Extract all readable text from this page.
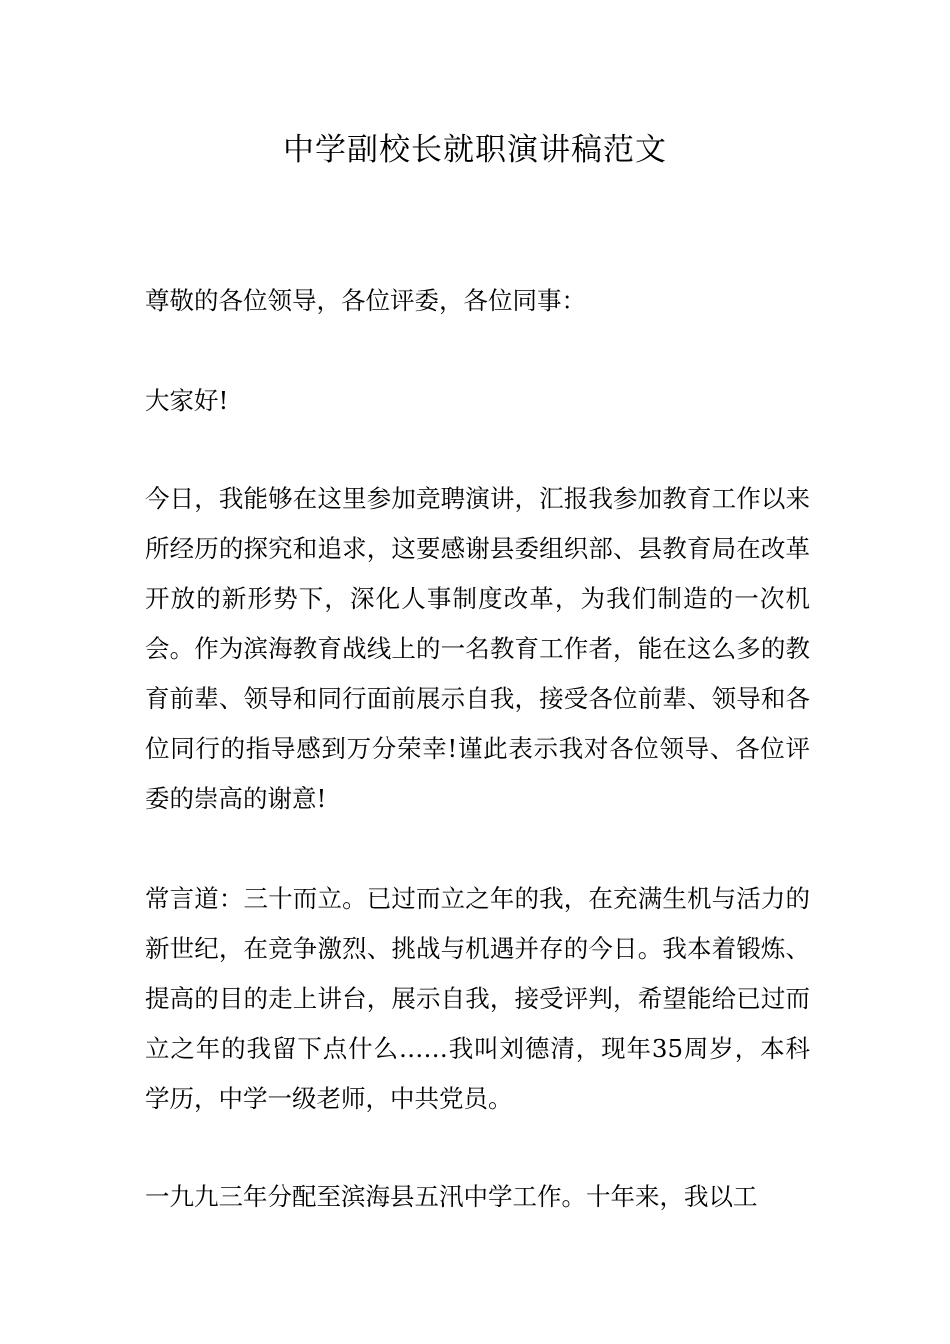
中学副校长就职演讲稿范文

尊敬的各位领导，各位评委，各位同事：

大家好!

今日，我能够在这里参加竞聘演讲，汇报我参加教育工作以来所经历的探究和追求，这要感谢县委组织部、县教育局在改革开放的新形势下，深化人事制度改革，为我们制造的一次机会。作为滨海教育战线上的一名教育工作者，能在这么多的教育前辈、领导和同行面前展示自我，接受各位前辈、领导和各位同行的指导感到万分荣幸!谨此表示我对各位领导、各位评委的崇高的谢意!

常言道：三十而立。已过而立之年的我，在充满生机与活力的新世纪，在竞争激烈、挑战与机遇并存的今日。我本着锻炼、提高的目的走上讲台，展示自我，接受评判，希望能给已过而立之年的我留下点什么……我叫刘德清，现年35周岁，本科学历，中学一级老师，中共党员。

一九九三年分配至滨海县五汛中学工作。十年来，我以工
